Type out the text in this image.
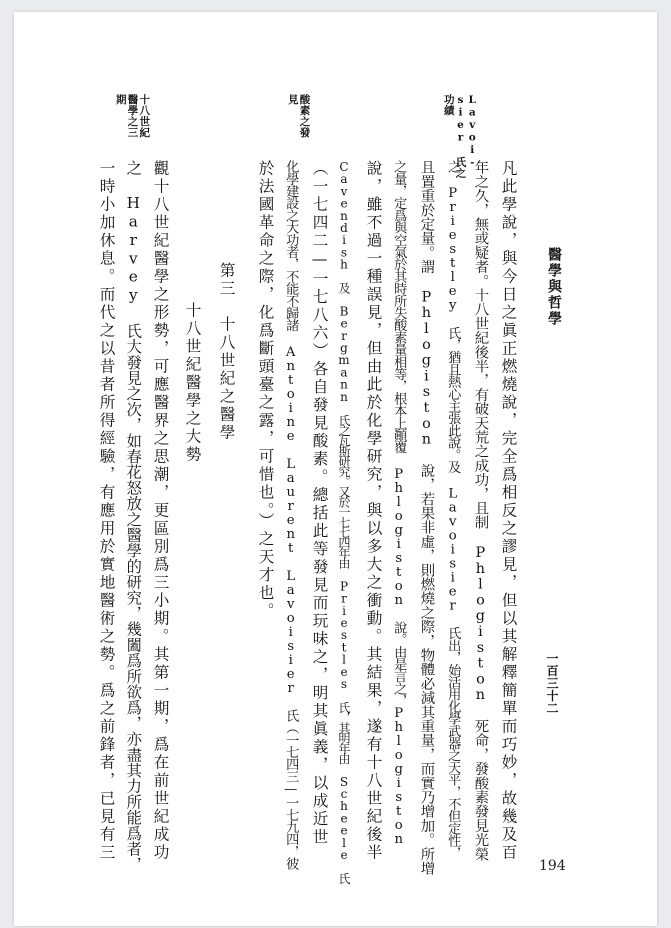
醫學與哲學
一百三十二
Lavoi-
sier 氏之
功績
酸素之發
見
十八世紀
醫學之三
期
凡此學說，與今日之眞正燃燒說，完全爲相反之謬見，但以其解釋簡單而巧妙，故幾及百
年之久，無或疑者。十八世紀後半，有破天荒之成功，且制 Phlogiston 死命，發酸素發見光榮
之 Priestley 氏，猶且熱心主張此說。及 Lavoisier 氏出，始活用化學武器之天平，不但定性，
且置重於定量。謂 Phlogiston 說，若果非虛，則燃燒之際，物體必減其重量，而實乃增加。所增
之量，定爲與空氣於其時所失酸素量相等，根本上顚覆 Phlogiston 說。由是言之，Phlogiston
說，雖不過一種誤見，但由此於化學研究，與以多大之衝動。其結果，遂有十八世紀後半
Cavendish 及 Bergmann 氏之瓦斯研究。又於一七七四年由 Priestles 氏，其明年由 Scheele 氏
（一七四二—一七八六）各自發見酸素。總括此等發見而玩味之，明其眞義，以成近世
化學建設之大功者，不能不歸諸 Antoine Laurent Lavoisier 氏（一七四三—一七九四，彼
於法國革命之際，化爲斷頭臺之露，可惜也。）之天才也。
第三　十八世紀之醫學
十八世紀醫學之大勢
觀十八世紀醫學之形勢，可應醫界之思潮，更區別爲三小期。其第一期，爲在前世紀成功
之 Harvey 氏大發見之次，如春花怒放之醫學的研究，幾闔爲所欲爲，亦盡其力所能爲者，
一時小加休息。而代之以昔者所得經驗，有應用於實地醫術之勢。爲之前鋒者，已見有三
194
